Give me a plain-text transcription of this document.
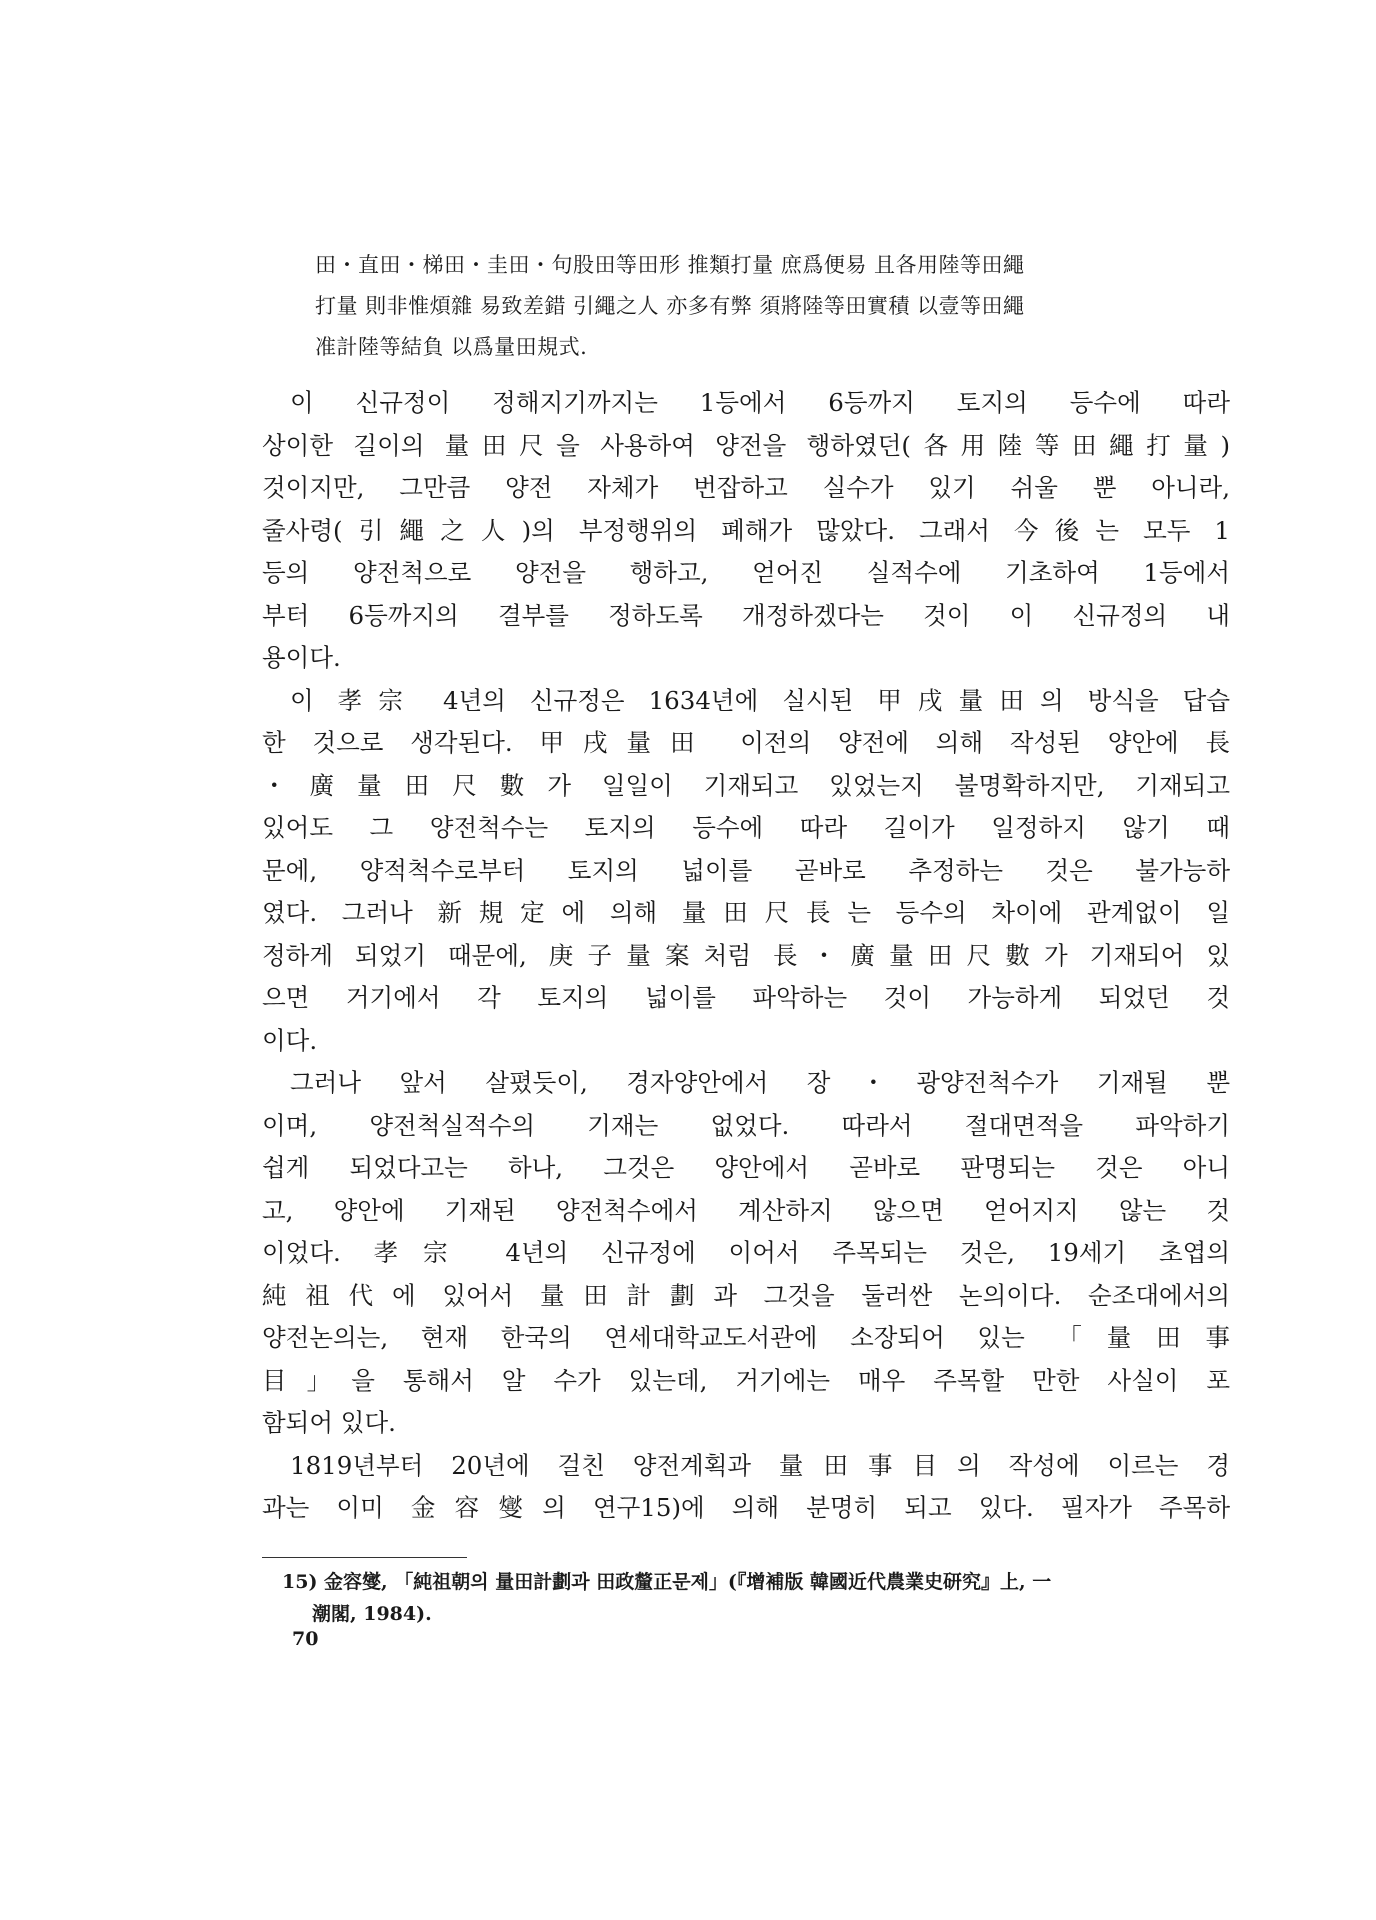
田・直田・梯田・圭田・句股田等田形 推類打量 庶爲便易 且各用陸等田繩
打量 則非惟煩雜 易致差錯 引繩之人 亦多有弊 須將陸等田實積 以壹等田繩
准計陸等結負 以爲量田規式.
이 신규정이 정해지기까지는 1등에서 6등까지 토지의 등수에 따라
상이한 길이의 量田尺을 사용하여 양전을 행하였던(各用陸等田繩打量)
것이지만, 그만큼 양전 자체가 번잡하고 실수가 있기 쉬울 뿐 아니라,
줄사령(引繩之人)의 부정행위의 폐해가 많았다. 그래서 今後는 모두 1
등의 양전척으로 양전을 행하고, 얻어진 실적수에 기초하여 1등에서
부터 6등까지의 결부를 정하도록 개정하겠다는 것이 이 신규정의 내
용이다.
이 孝宗 4년의 신규정은 1634년에 실시된 甲戌量田의 방식을 답습
한 것으로 생각된다. 甲戌量田 이전의 양전에 의해 작성된 양안에 長
・廣量田尺數가 일일이 기재되고 있었는지 불명확하지만, 기재되고
있어도 그 양전척수는 토지의 등수에 따라 길이가 일정하지 않기 때
문에, 양적척수로부터 토지의 넓이를 곧바로 추정하는 것은 불가능하
였다. 그러나 新規定에 의해 量田尺長는 등수의 차이에 관계없이 일
정하게 되었기 때문에, 庚子量案처럼 長・廣量田尺數가 기재되어 있
으면 거기에서 각 토지의 넓이를 파악하는 것이 가능하게 되었던 것
이다.
그러나 앞서 살폈듯이, 경자양안에서 장・광양전척수가 기재될 뿐
이며, 양전척실적수의 기재는 없었다. 따라서 절대면적을 파악하기
쉽게 되었다고는 하나, 그것은 양안에서 곧바로 판명되는 것은 아니
고, 양안에 기재된 양전척수에서 계산하지 않으면 얻어지지 않는 것
이었다. 孝宗 4년의 신규정에 이어서 주목되는 것은, 19세기 초엽의
純祖代에 있어서 量田計劃과 그것을 둘러싼 논의이다. 순조대에서의
양전논의는, 현재 한국의 연세대학교도서관에 소장되어 있는 「量田事
目」을 통해서 알 수가 있는데, 거기에는 매우 주목할 만한 사실이 포
함되어 있다.
1819년부터 20년에 걸친 양전계획과 量田事目의 작성에 이르는 경
과는 이미 金容燮의 연구15)에 의해 분명히 되고 있다. 필자가 주목하
15) 金容燮, 「純祖朝의 量田計劃과 田政釐正문제」(『增補版 韓國近代農業史研究』上, 一
潮閣, 1984).
70
